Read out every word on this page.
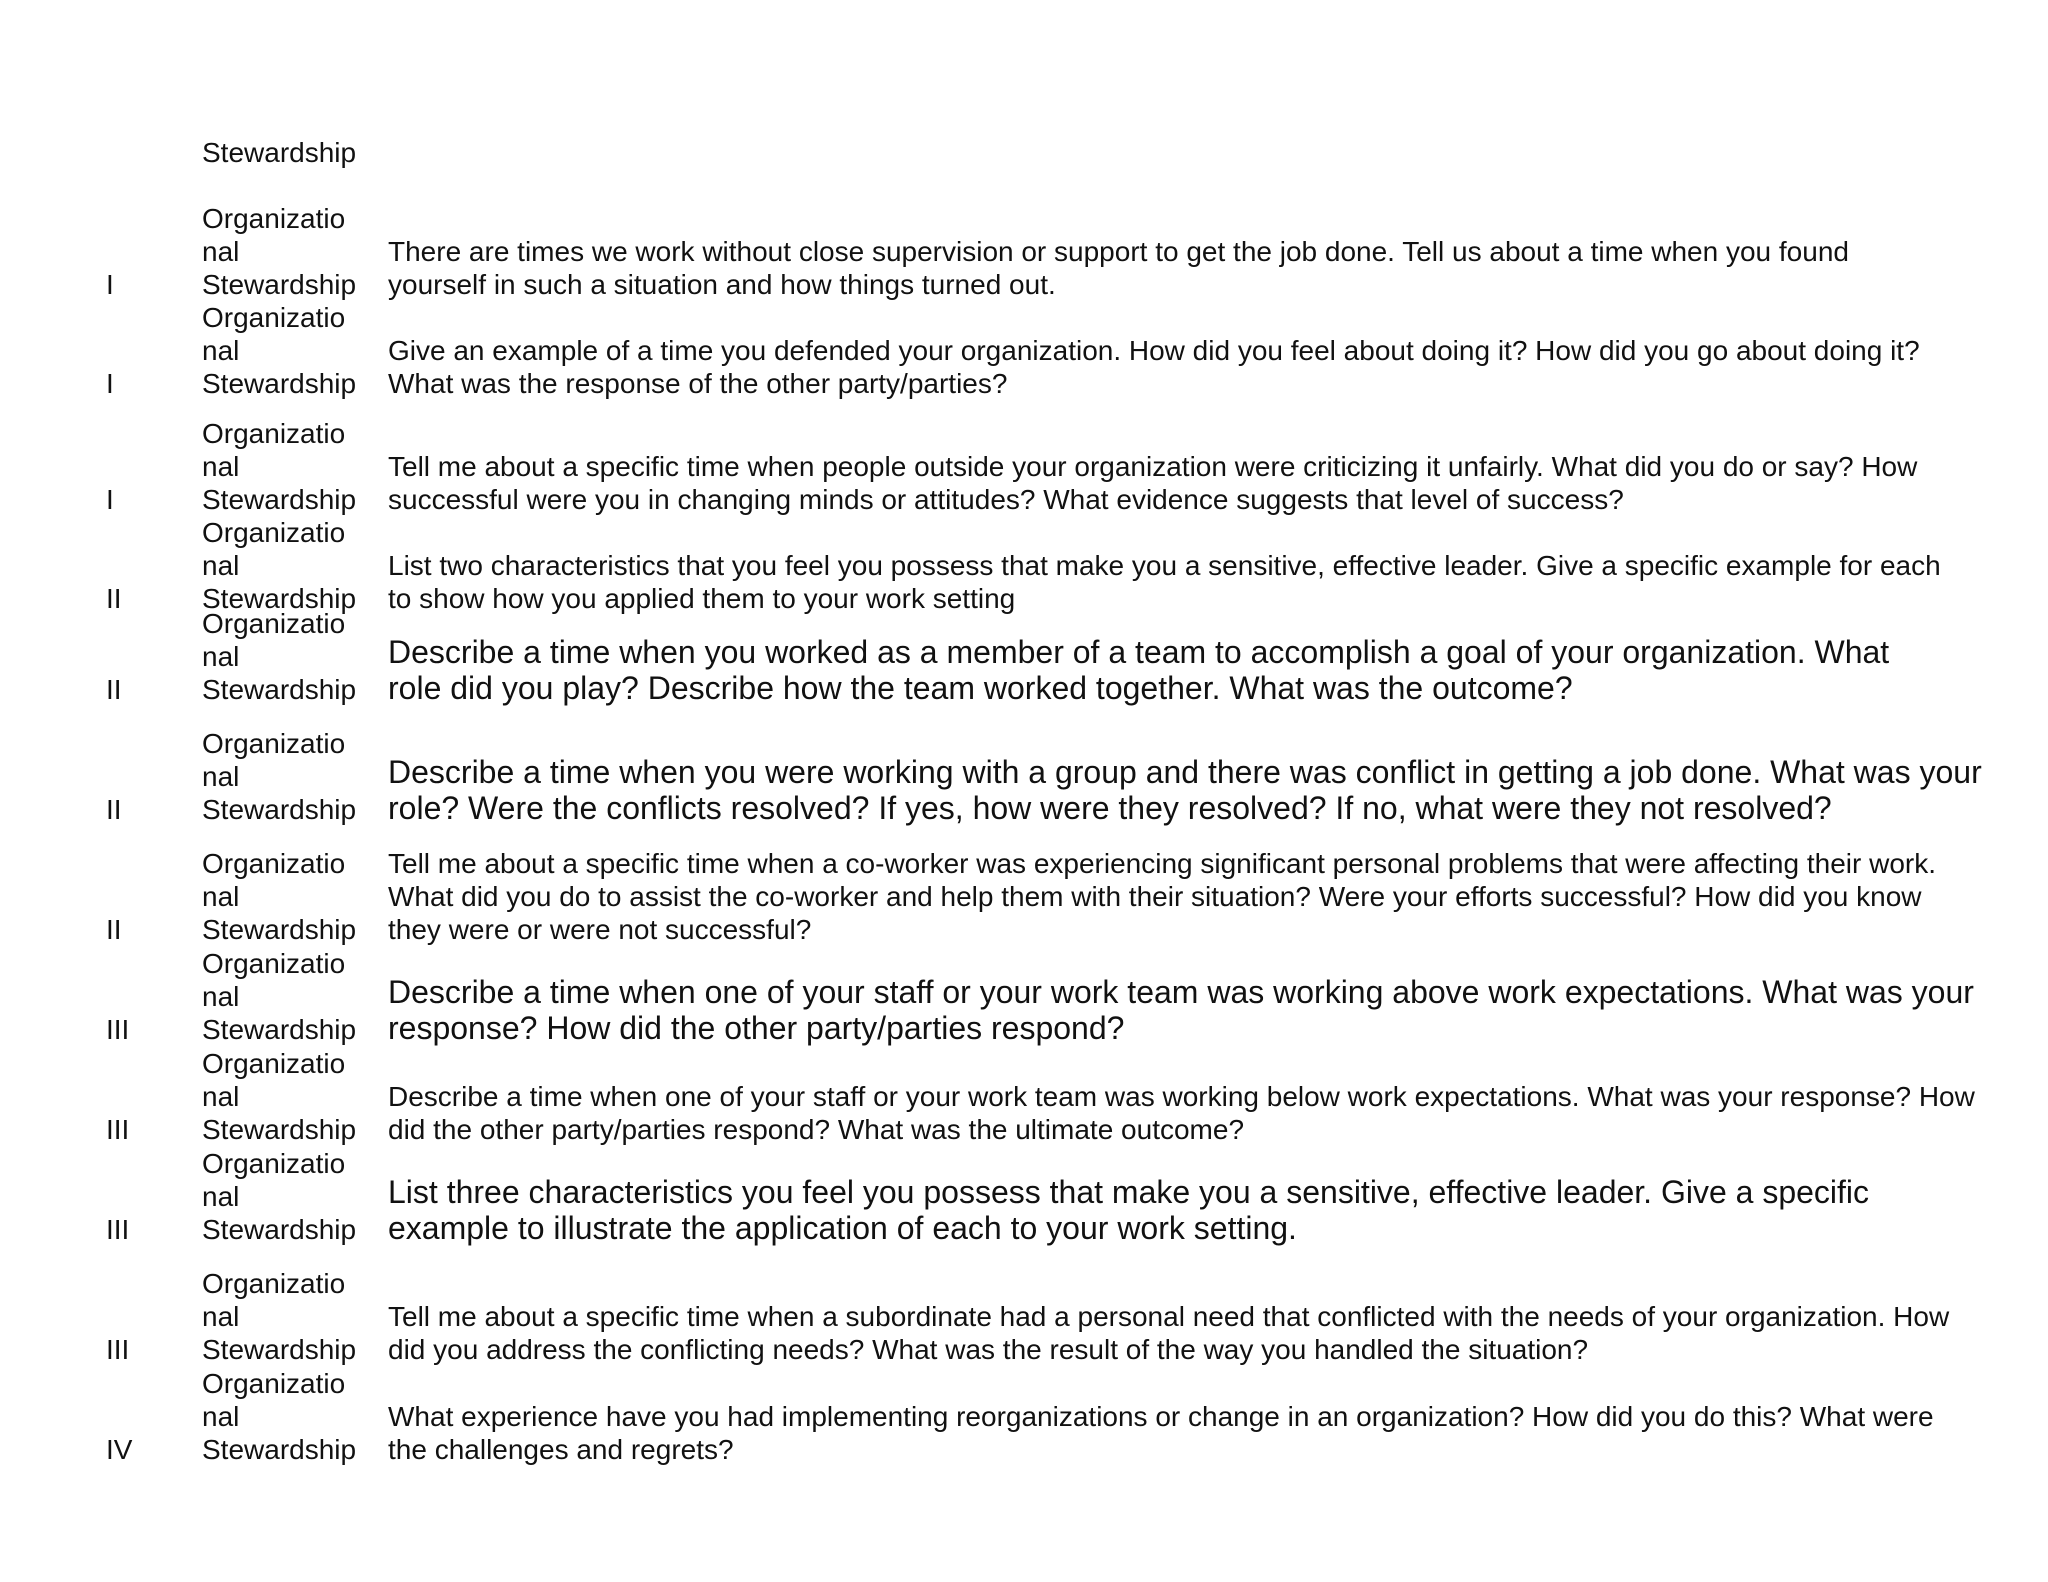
Stewardship
I
Organizatio
nal
Stewardship
There are times we work without close supervision or support to get the job done. Tell us about a time when you found yourself in such a situation and how things turned out.
I
Organizatio
nal
Stewardship
Give an example of a time you defended your organization. How did you feel about doing it? How did you go about doing it? What was the response of the other party/parties?
I
Organizatio
nal
Stewardship
Tell me about a specific time when people outside your organization were criticizing it unfairly. What did you do or say? How successful were you in changing minds or attitudes? What evidence suggests that level of success?
II
Organizatio
nal
Stewardship
List two characteristics that you feel you possess that make you a sensitive, effective leader. Give a specific example for each to show how you applied them to your work setting
II
Organizatio
nal
Stewardship
Describe a time when you worked as a member of a team to accomplish a goal of your organization. What role did you play? Describe how the team worked together. What was the outcome?
II
Organizatio
nal
Stewardship
Describe a time when you were working with a group and there was conflict in getting a job done. What was your role? Were the conflicts resolved? If yes, how were they resolved? If no, what were they not resolved?
II
Organizatio
nal
Stewardship
Tell me about a specific time when a co-worker was experiencing significant personal problems that were affecting their work. What did you do to assist the co-worker and help them with their situation? Were your efforts successful? How did you know they were or were not successful?
III
Organizatio
nal
Stewardship
Describe a time when one of your staff or your work team was working above work expectations. What was your response? How did the other party/parties respond?
III
Organizatio
nal
Stewardship
Describe a time when one of your staff or your work team was working below work expectations. What was your response? How did the other party/parties respond? What was the ultimate outcome?
III
Organizatio
nal
Stewardship
List three characteristics you feel you possess that make you a sensitive, effective leader. Give a specific example to illustrate the application of each to your work setting.
III
Organizatio
nal
Stewardship
Tell me about a specific time when a subordinate had a personal need that conflicted with the needs of your organization. How did you address the conflicting needs? What was the result of the way you handled the situation?
IV
Organizatio
nal
Stewardship
What experience have you had implementing reorganizations or change in an organization? How did you do this? What were the challenges and regrets?
